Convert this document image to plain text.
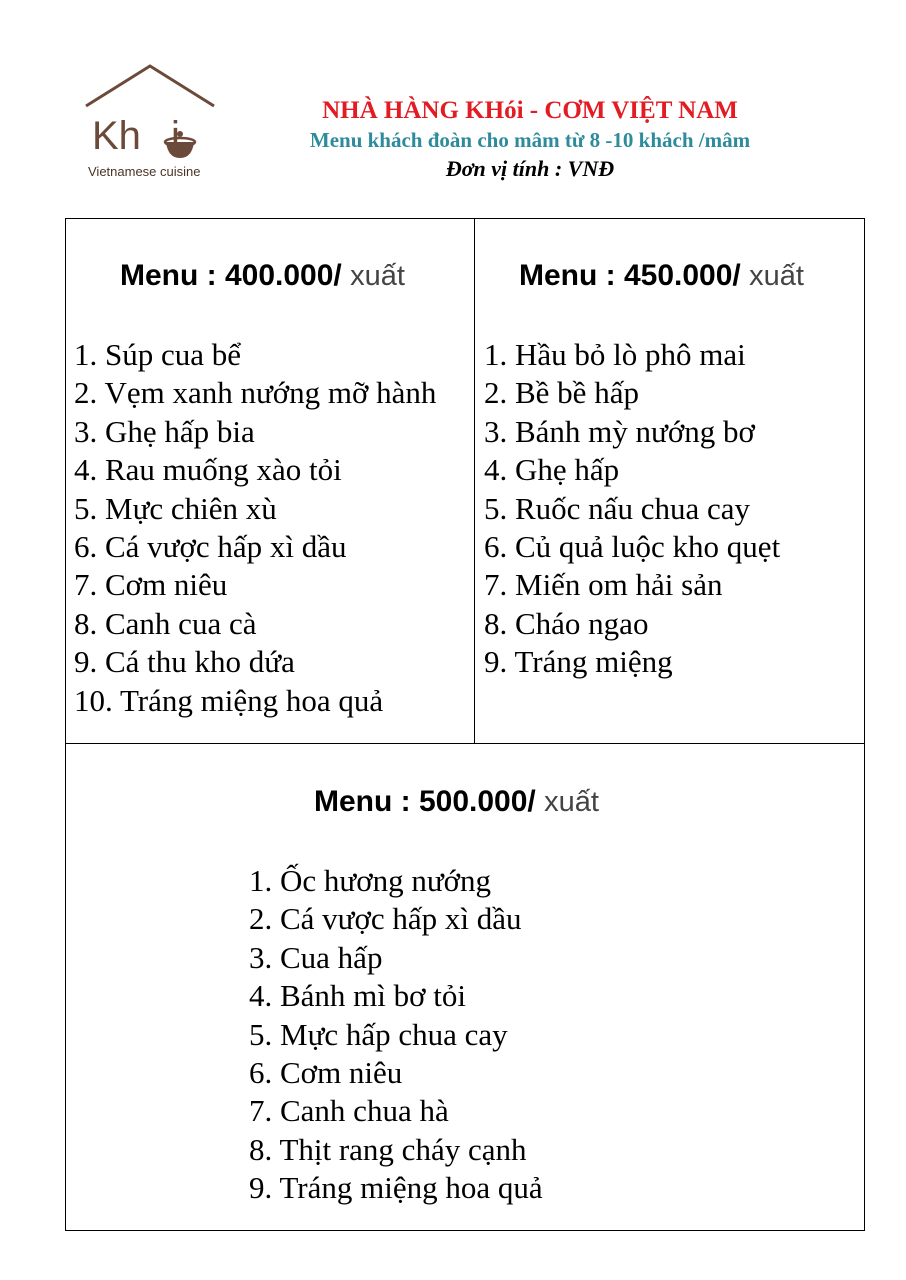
Vietnamese cuisine
Kh i
NHÀ HÀNG KHói - CƠM VIỆT NAM
Menu khách đoàn cho mâm từ 8 -10 khách /mâm
Đơn vị tính : VNĐ
Menu : 400.000/ xuất
1. Súp cua bể
2. Vẹm xanh nướng mỡ hành
3. Ghẹ hấp bia
4. Rau muống xào tỏi
5. Mực chiên xù
6. Cá vược hấp xì dầu
7. Cơm niêu
8. Canh cua cà
9. Cá thu kho dứa
10. Tráng miệng hoa quả
Menu : 450.000/ xuất
1. Hầu bỏ lò phô mai
2. Bề bề hấp
3. Bánh mỳ nướng bơ
4. Ghẹ hấp
5. Ruốc nấu chua cay
6. Củ quả luộc kho quẹt
7. Miến om hải sản
8. Cháo ngao
9. Tráng miệng
Menu : 500.000/ xuất
1. Ốc hương nướng
2. Cá vược hấp xì dầu
3. Cua hấp
4. Bánh mì bơ tỏi
5. Mực hấp chua cay
6. Cơm niêu
7. Canh chua hà
8. Thịt rang cháy cạnh
9. Tráng miệng hoa quả
